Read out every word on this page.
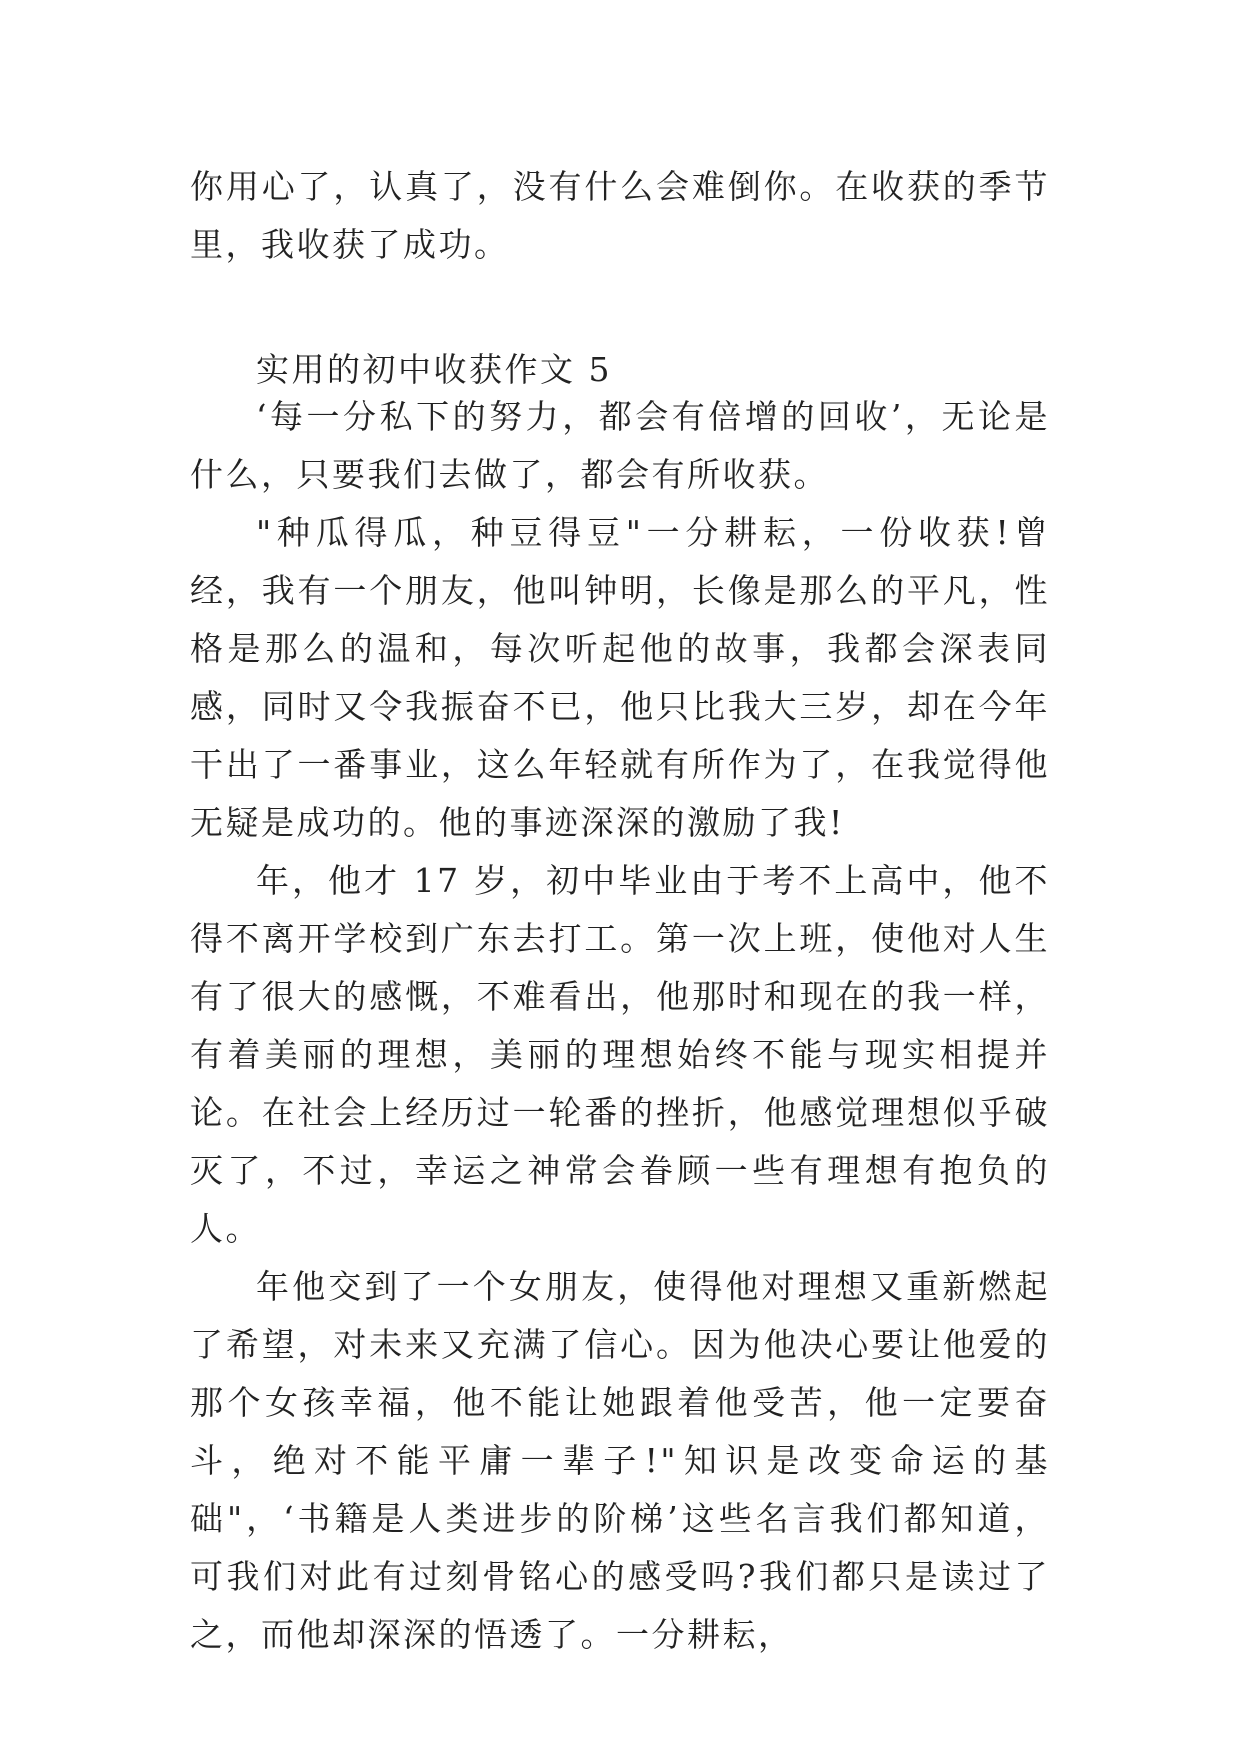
你用心了，认真了，没有什么会难倒你。在收获的季节里，我收获了成功。

实用的初中收获作文 5

‘每一分私下的努力，都会有倍增的回收’，无论是什么，只要我们去做了，都会有所收获。

"种瓜得瓜，种豆得豆"一分耕耘，一份收获!曾经，我有一个朋友，他叫钟明，长像是那么的平凡，性格是那么的温和，每次听起他的故事，我都会深表同感，同时又令我振奋不已，他只比我大三岁，却在今年干出了一番事业，这么年轻就有所作为了，在我觉得他无疑是成功的。他的事迹深深的激励了我!

年，他才 17 岁，初中毕业由于考不上高中，他不得不离开学校到广东去打工。第一次上班，使他对人生有了很大的感慨，不难看出，他那时和现在的我一样，有着美丽的理想，美丽的理想始终不能与现实相提并论。在社会上经历过一轮番的挫折，他感觉理想似乎破灭了，不过，幸运之神常会眷顾一些有理想有抱负的人。

年他交到了一个女朋友，使得他对理想又重新燃起了希望，对未来又充满了信心。因为他决心要让他爱的那个女孩幸福，他不能让她跟着他受苦，他一定要奋斗，绝对不能平庸一辈子!"知识是改变命运的基础"，‘书籍是人类进步的阶梯’这些名言我们都知道，可我们对此有过刻骨铭心的感受吗?我们都只是读过了之，而他却深深的悟透了。一分耕耘，
